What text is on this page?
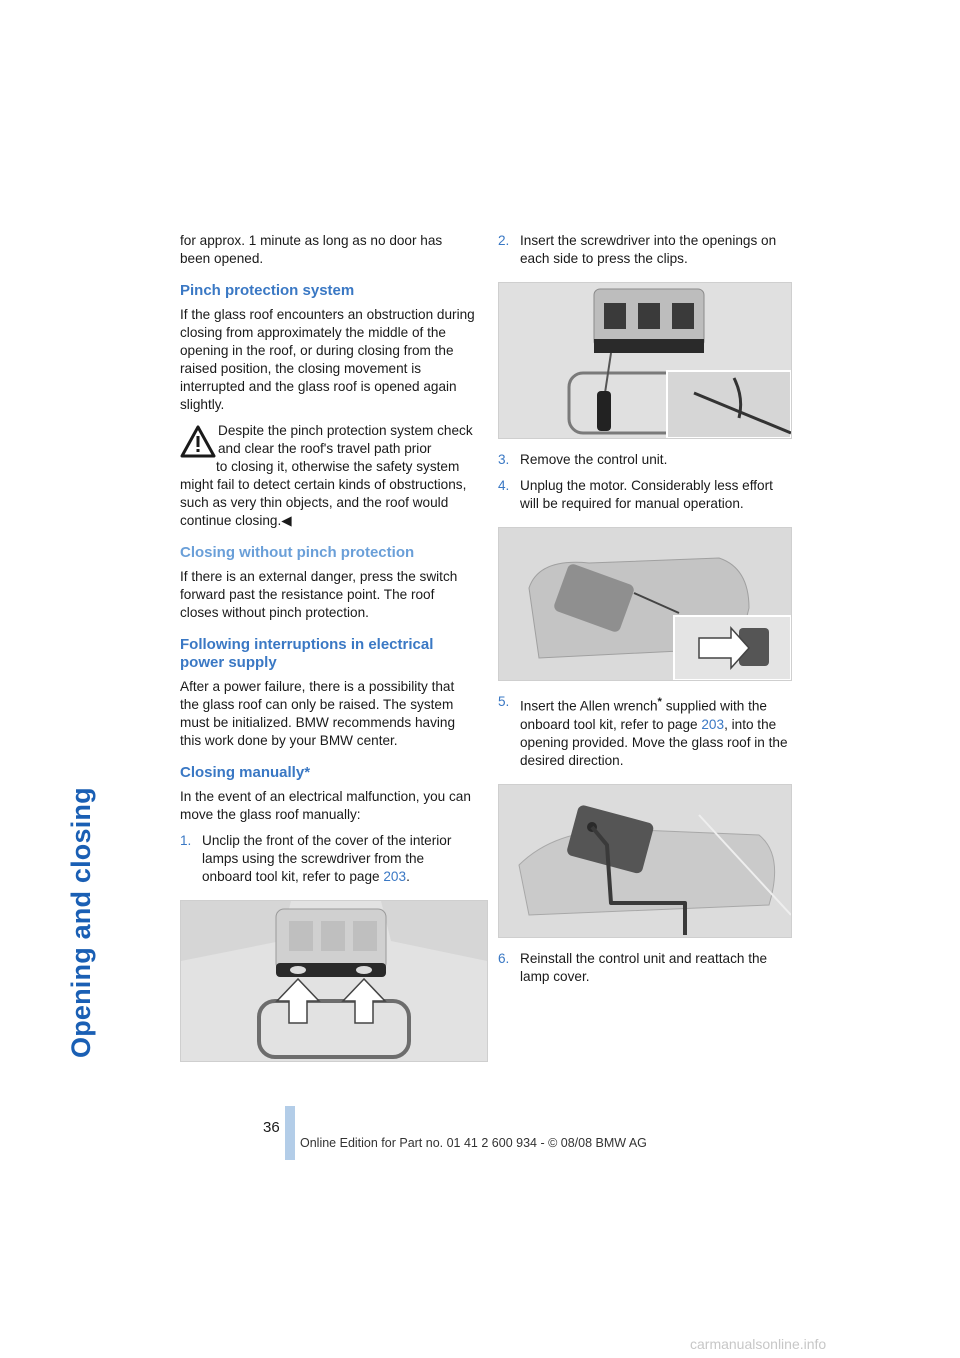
Opening and closing

for approx. 1 minute as long as no door has been opened.

Pinch protection system

If the glass roof encounters an obstruction during closing from approximately the middle of the opening in the roof, or during closing from the raised position, the closing movement is interrupted and the glass roof is opened again slightly.

Despite the pinch protection system check and clear the roof's travel path prior
to closing it, otherwise the safety system might fail to detect certain kinds of obstructions, such as very thin objects, and the roof would continue closing.◀
Closing without pinch protection

If there is an external danger, press the switch forward past the resistance point. The roof closes without pinch protection.

Following interruptions in electrical power supply

After a power failure, there is a possibility that the glass roof can only be raised. The system must be initialized. BMW recommends having this work done by your BMW center.

Closing manually*

In the event of an electrical malfunction, you can move the glass roof manually:

1. Unclip the front of the cover of the interior lamps using the screwdriver from the onboard tool kit, refer to page 203.
2. Insert the screwdriver into the openings on each side to press the clips.
3. Remove the control unit.
4. Unplug the motor. Considerably less effort will be required for manual operation.
5. Insert the Allen wrench* supplied with the onboard tool kit, refer to page 203, into the opening provided. Move the glass roof in the desired direction.
6. Reinstall the control unit and reattach the lamp cover.
36
Online Edition for Part no. 01 41 2 600 934 - © 08/08 BMW AG
carmanualsonline.info
